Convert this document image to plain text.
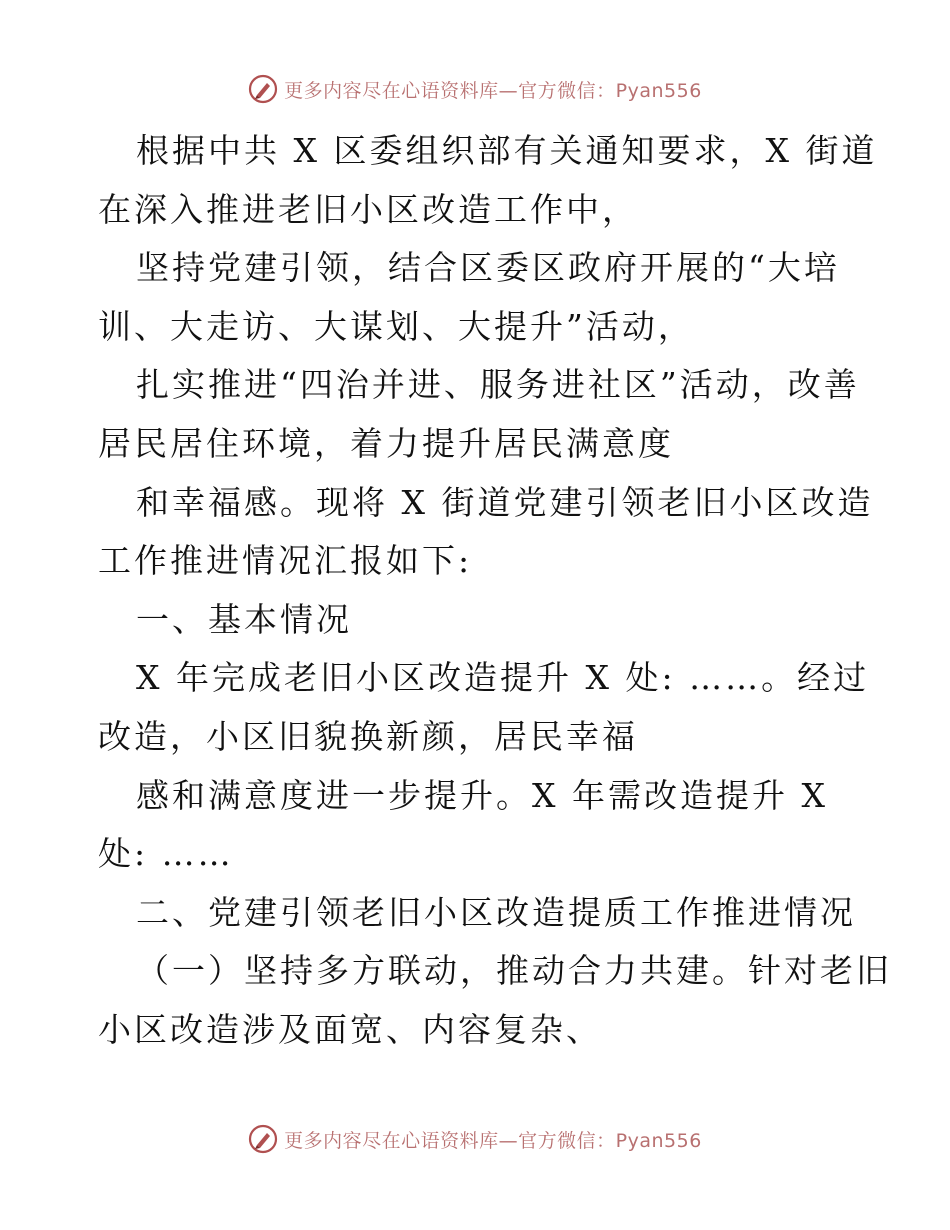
更多内容尽在心语资料库—官方微信：Pyan556
根据中共 X 区委组织部有关通知要求，X 街道
在深入推进老旧小区改造工作中，
坚持党建引领，结合区委区政府开展的“大培
训、大走访、大谋划、大提升”活动，
扎实推进“四治并进、服务进社区”活动，改善
居民居住环境，着力提升居民满意度
和幸福感。现将 X 街道党建引领老旧小区改造
工作推进情况汇报如下:
一、基本情况
X 年完成老旧小区改造提升 X 处: ……。经过
改造，小区旧貌换新颜，居民幸福
感和满意度进一步提升。X 年需改造提升 X
处: ……
二、党建引领老旧小区改造提质工作推进情况
（一）坚持多方联动，推动合力共建。针对老旧
小区改造涉及面宽、内容复杂、
更多内容尽在心语资料库—官方微信：Pyan556
